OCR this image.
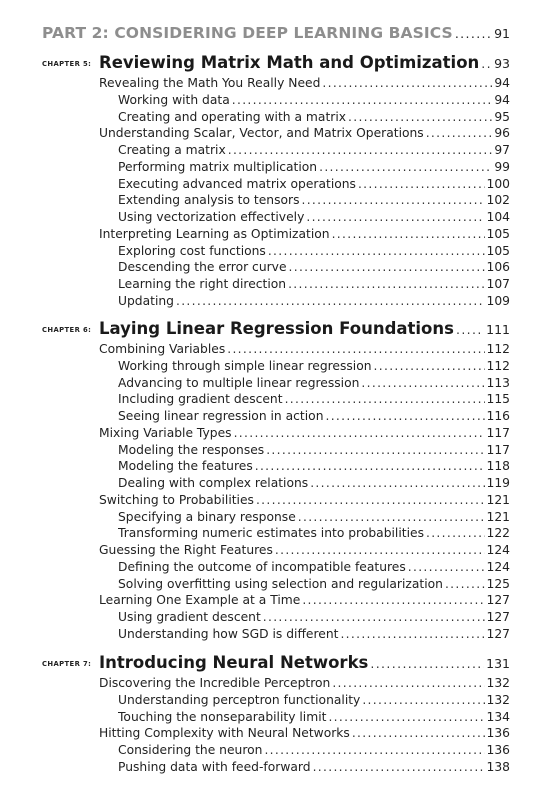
PART 2: CONSIDERING DEEP LEARNING BASICS . . .	91
CHAPTER 5: Reviewing Matrix Math and Optimization . . . 93
Revealing the Math You Really Need . . .	94
Working with data . . .	94
Creating and operating with a matrix . . .	95
Understanding Scalar, Vector, and Matrix Operations . . .	96
Creating a matrix . . .	97
Performing matrix multiplication . . .	99
Executing advanced matrix operations . . .	100
Extending analysis to tensors . . .	102
Using vectorization effectively . . .	104
Interpreting Learning as Optimization . . .	105
Exploring cost functions . . .	105
Descending the error curve . . .	106
Learning the right direction . . .	107
Updating . . .	109
CHAPTER 6: Laying Linear Regression Foundations . . .	111
Combining Variables . . .	112
Working through simple linear regression . . .	112
Advancing to multiple linear regression . . .	113
Including gradient descent . . .	115
Seeing linear regression in action . . .	116
Mixing Variable Types . . .	117
Modeling the responses . . .	117
Modeling the features . . .	118
Dealing with complex relations . . .	119
Switching to Probabilities . . .	121
Specifying a binary response . . .	121
Transforming numeric estimates into probabilities . . .	122
Guessing the Right Features . . .	124
Defining the outcome of incompatible features . . .	124
Solving overfitting using selection and regularization . . .	125
Learning One Example at a Time . . .	127
Using gradient descent . . .	127
Understanding how SGD is different . . .	127
CHAPTER 7: Introducing Neural Networks . . .	131
Discovering the Incredible Perceptron . . .	132
Understanding perceptron functionality . . .	132
Touching the nonseparability limit . . .	134
Hitting Complexity with Neural Networks . . .	136
Considering the neuron . . .	136
Pushing data with feed-forward . . .	138
